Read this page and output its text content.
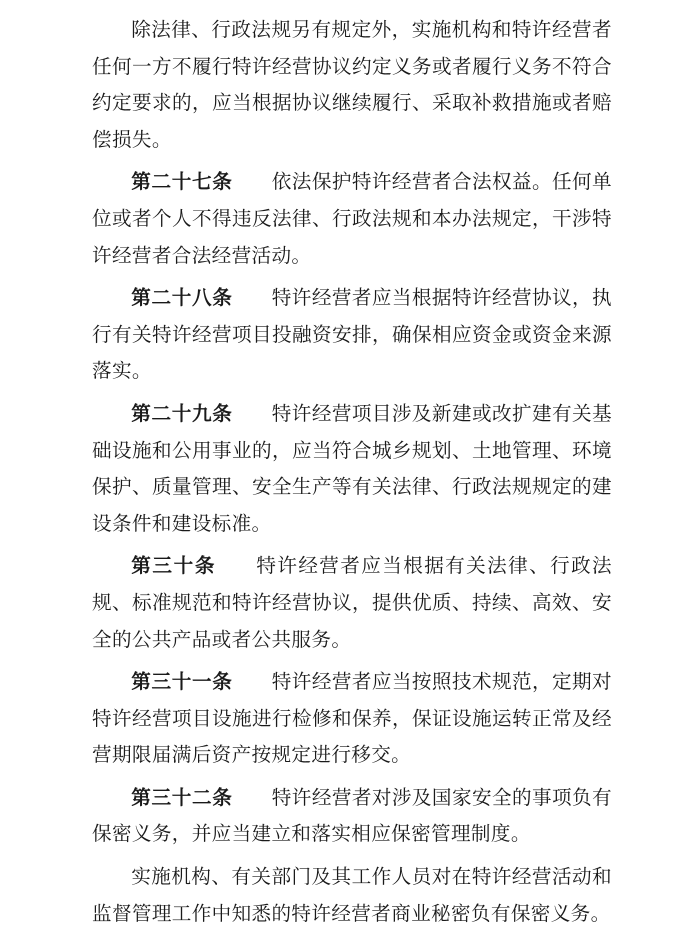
除法律、行政法规另有规定外，实施机构和特许经营者任何一方不履行特许经营协议约定义务或者履行义务不符合约定要求的，应当根据协议继续履行、采取补救措施或者赔偿损失。

第二十七条 依法保护特许经营者合法权益。任何单位或者个人不得违反法律、行政法规和本办法规定，干涉特许经营者合法经营活动。

第二十八条 特许经营者应当根据特许经营协议，执行有关特许经营项目投融资安排，确保相应资金或资金来源落实。

第二十九条 特许经营项目涉及新建或改扩建有关基础设施和公用事业的，应当符合城乡规划、土地管理、环境保护、质量管理、安全生产等有关法律、行政法规规定的建设条件和建设标准。

第三十条 特许经营者应当根据有关法律、行政法规、标准规范和特许经营协议，提供优质、持续、高效、安全的公共产品或者公共服务。

第三十一条 特许经营者应当按照技术规范，定期对特许经营项目设施进行检修和保养，保证设施运转正常及经营期限届满后资产按规定进行移交。

第三十二条 特许经营者对涉及国家安全的事项负有保密义务，并应当建立和落实相应保密管理制度。

实施机构、有关部门及其工作人员对在特许经营活动和监督管理工作中知悉的特许经营者商业秘密负有保密义务。
